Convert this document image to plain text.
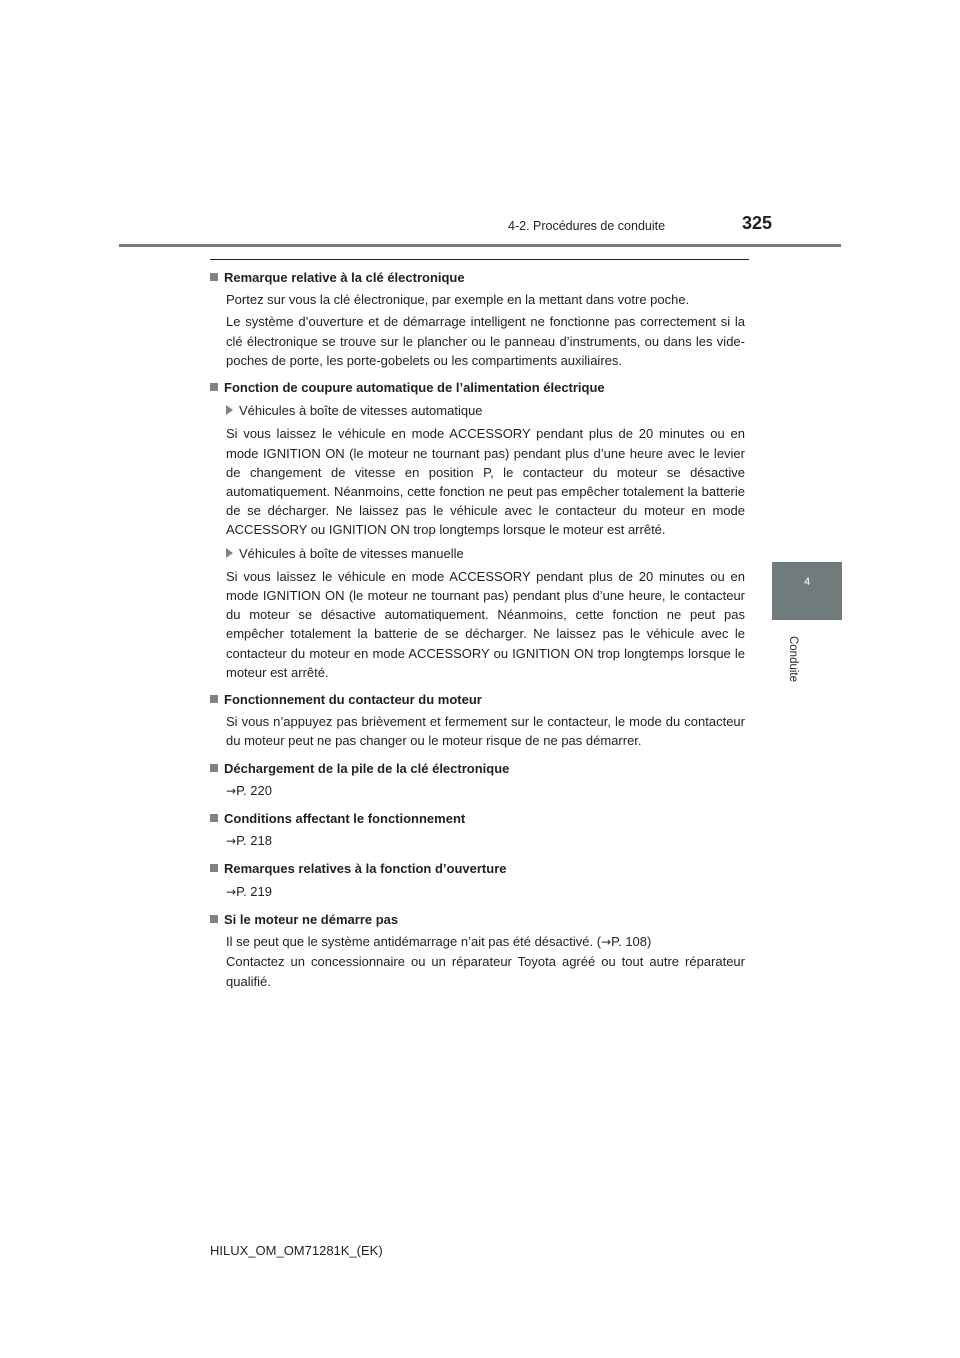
4-2. Procédures de conduite	325
4
Conduite
Remarque relative à la clé électronique

Portez sur vous la clé électronique, par exemple en la mettant dans votre poche.

Le système d’ouverture et de démarrage intelligent ne fonctionne pas correctement si la clé électronique se trouve sur le plancher ou le panneau d’instruments, ou dans les vide-poches de porte, les porte-gobelets ou les compartiments auxiliaires.

Fonction de coupure automatique de l’alimentation électrique
Véhicules à boîte de vitesses automatique

Si vous laissez le véhicule en mode ACCESSORY pendant plus de 20 minutes ou en mode IGNITION ON (le moteur ne tournant pas) pendant plus d’une heure avec le levier de changement de vitesse en position P, le contacteur du moteur se désactive automatiquement. Néanmoins, cette fonction ne peut pas empêcher totalement la batterie de se décharger. Ne laissez pas le véhicule avec le contacteur du moteur en mode ACCESSORY ou IGNITION ON trop longtemps lorsque le moteur est arrêté.

Véhicules à boîte de vitesses manuelle

Si vous laissez le véhicule en mode ACCESSORY pendant plus de 20 minutes ou en mode IGNITION ON (le moteur ne tournant pas) pendant plus d’une heure, le contacteur du moteur se désactive automatiquement. Néanmoins, cette fonction ne peut pas empêcher totalement la batterie de se décharger. Ne laissez pas le véhicule avec le contacteur du moteur en mode ACCESSORY ou IGNITION ON trop longtemps lorsque le moteur est arrêté.

Fonctionnement du contacteur du moteur

Si vous n’appuyez pas brièvement et fermement sur le contacteur, le mode du contacteur du moteur peut ne pas changer ou le moteur risque de ne pas démarrer.

Déchargement de la pile de la clé électronique
→P. 220
Conditions affectant le fonctionnement
→P. 218
Remarques relatives à la fonction d’ouverture
→P. 219
Si le moteur ne démarre pas

Il se peut que le système antidémarrage n’ait pas été désactivé. (→P. 108)

Contactez un concessionnaire ou un réparateur Toyota agréé ou tout autre réparateur qualifié.

HILUX_OM_OM71281K_(EK)
